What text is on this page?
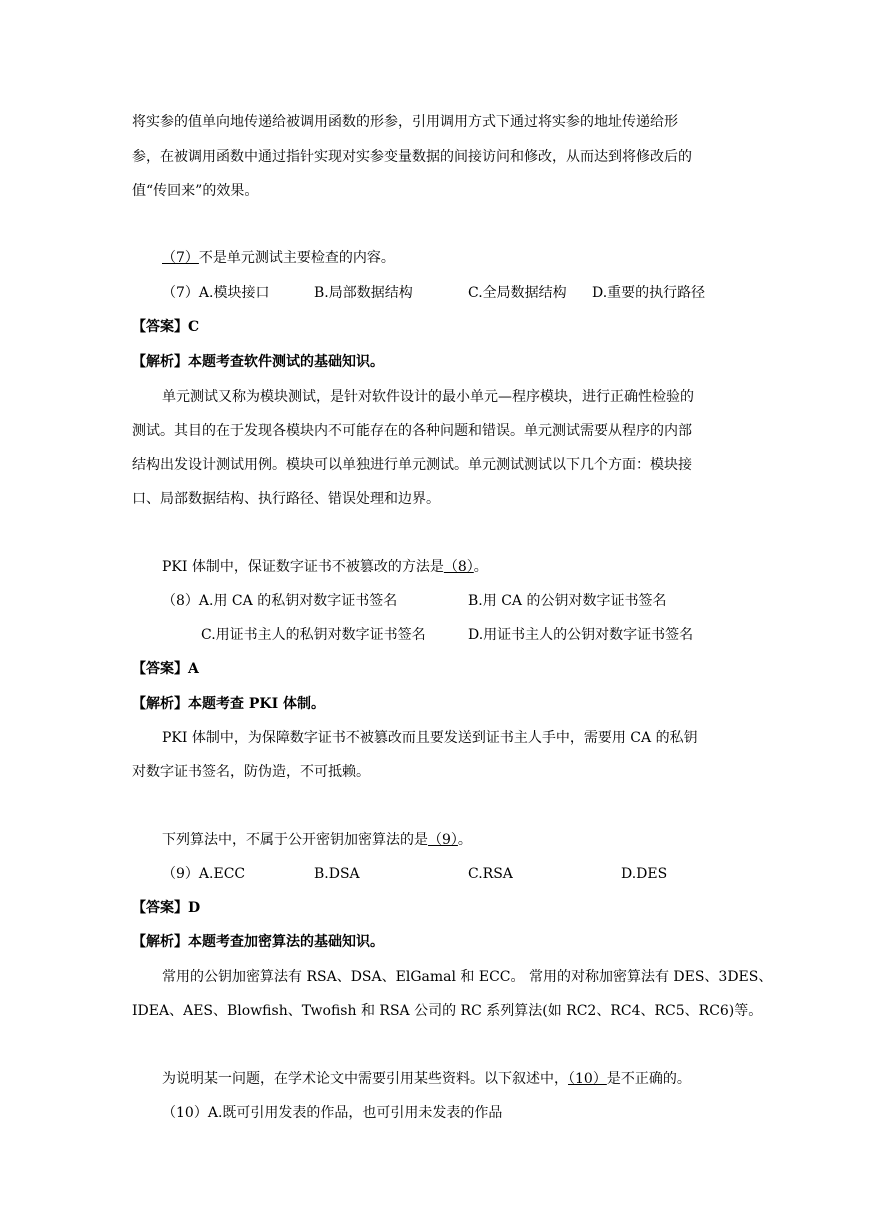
将实参的值单向地传递给被调用函数的形参，引用调用方式下通过将实参的地址传递给形
参，在被调用函数中通过指针实现对实参变量数据的间接访问和修改，从而达到将修改后的
值“传回来”的效果。
（7）不是单元测试主要检查的内容。
（7）A.模块接口	B.局部数据结构	C.全局数据结构 D.重要的执行路径
【答案】C
【解析】本题考查软件测试的基础知识。
单元测试又称为模块测试，是针对软件设计的最小单元—程序模块，进行正确性检验的
测试。其目的在于发现各模块内不可能存在的各种问题和错误。单元测试需要从程序的内部
结构出发设计测试用例。模块可以单独进行单元测试。单元测试测试以下几个方面：模块接
口、局部数据结构、执行路径、错误处理和边界。
PKI 体制中，保证数字证书不被篡改的方法是（8）。
（8）A.用 CA 的私钥对数字证书签名	B.用 CA 的公钥对数字证书签名
C.用证书主人的私钥对数字证书签名	D.用证书主人的公钥对数字证书签名
【答案】A
【解析】本题考查 PKI 体制。
PKI 体制中，为保障数字证书不被篡改而且要发送到证书主人手中，需要用 CA 的私钥
对数字证书签名，防伪造，不可抵赖。
下列算法中，不属于公开密钥加密算法的是（9）。
（9）A.ECC	B.DSA	C.RSA	D.DES
【答案】D
【解析】本题考查加密算法的基础知识。
常用的公钥加密算法有 RSA、DSA、ElGamal 和 ECC。 常用的对称加密算法有 DES、3DES、
IDEA、AES、Blowfish、Twofish 和 RSA 公司的 RC 系列算法(如 RC2、RC4、RC5、RC6)等。
为说明某一问题，在学术论文中需要引用某些资料。以下叙述中，（10）是不正确的。
（10）A.既可引用发表的作品，也可引用未发表的作品
